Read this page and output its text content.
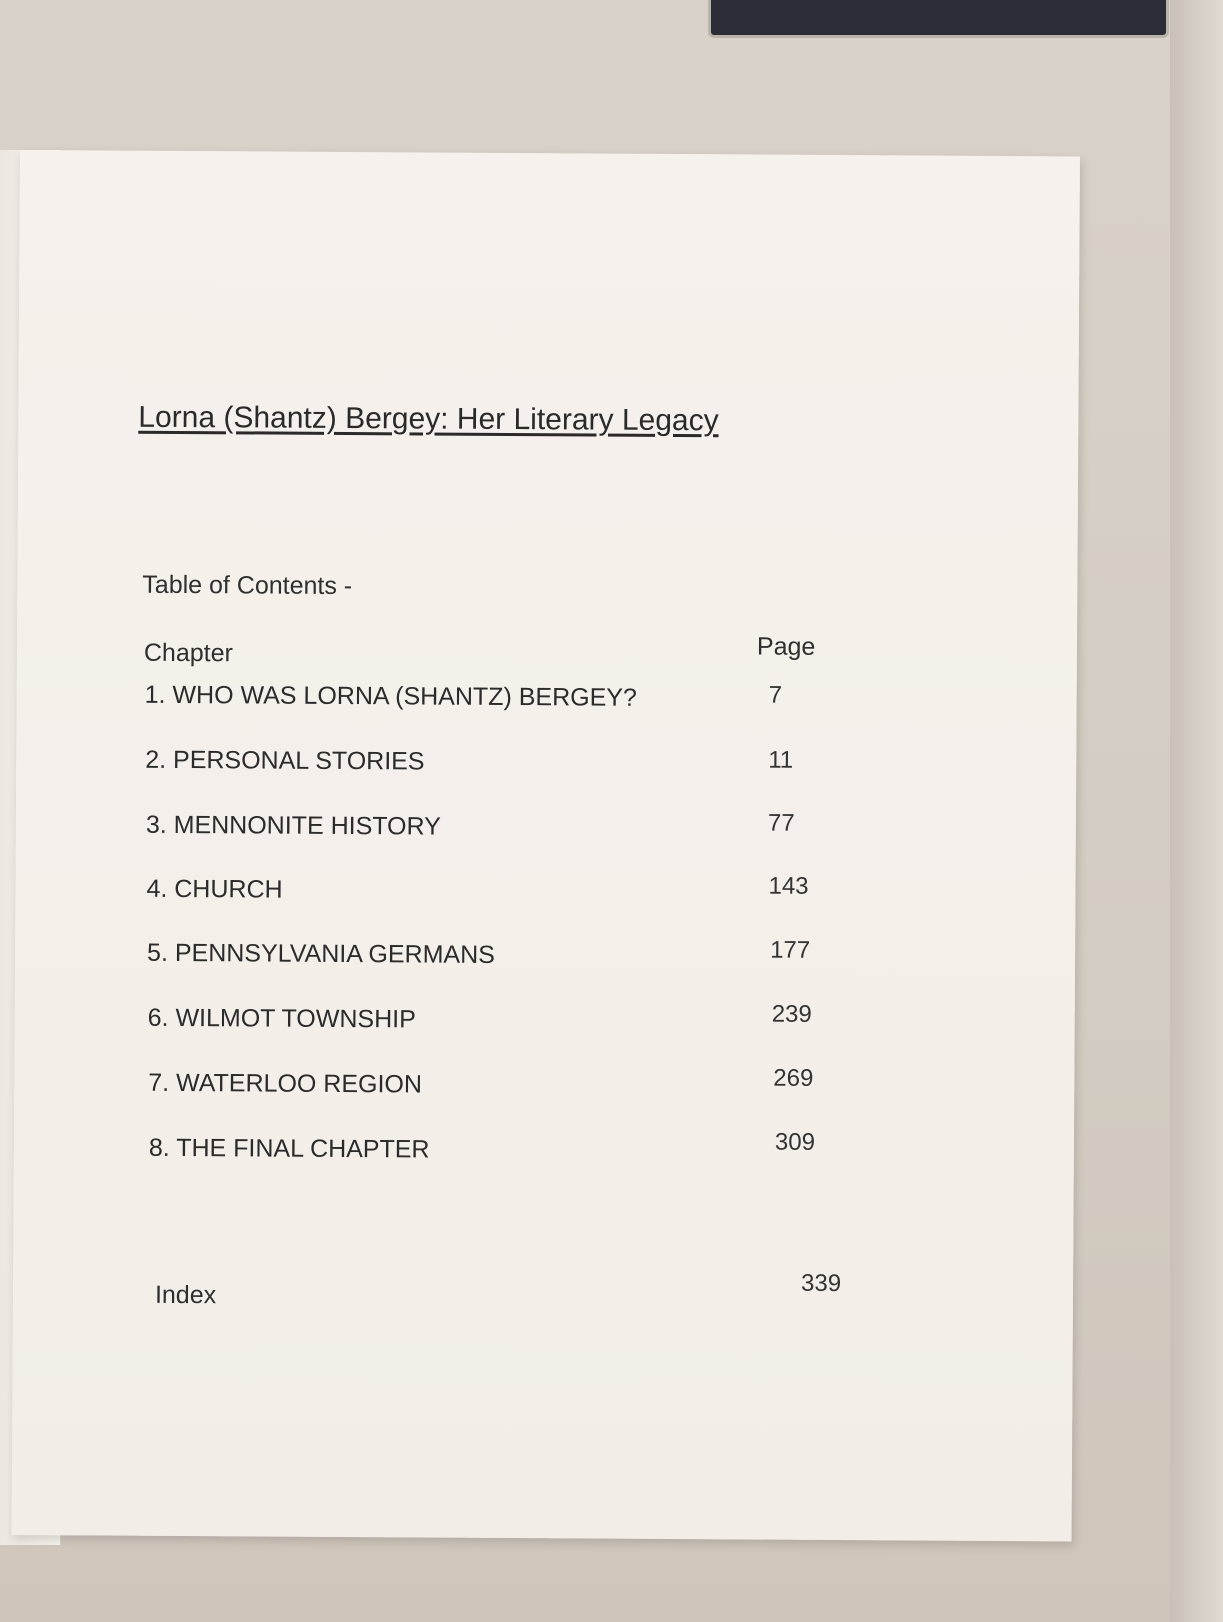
Lorna (Shantz) Bergey: Her Literary Legacy
Table of Contents -
Chapter	Page
1. WHO WAS LORNA (SHANTZ) BERGEY?	7
2. PERSONAL STORIES	11
3. MENNONITE HISTORY	77
4. CHURCH	143
5. PENNSYLVANIA GERMANS	177
6. WILMOT TOWNSHIP	239
7. WATERLOO REGION	269
8. THE FINAL CHAPTER	309
Index	339
